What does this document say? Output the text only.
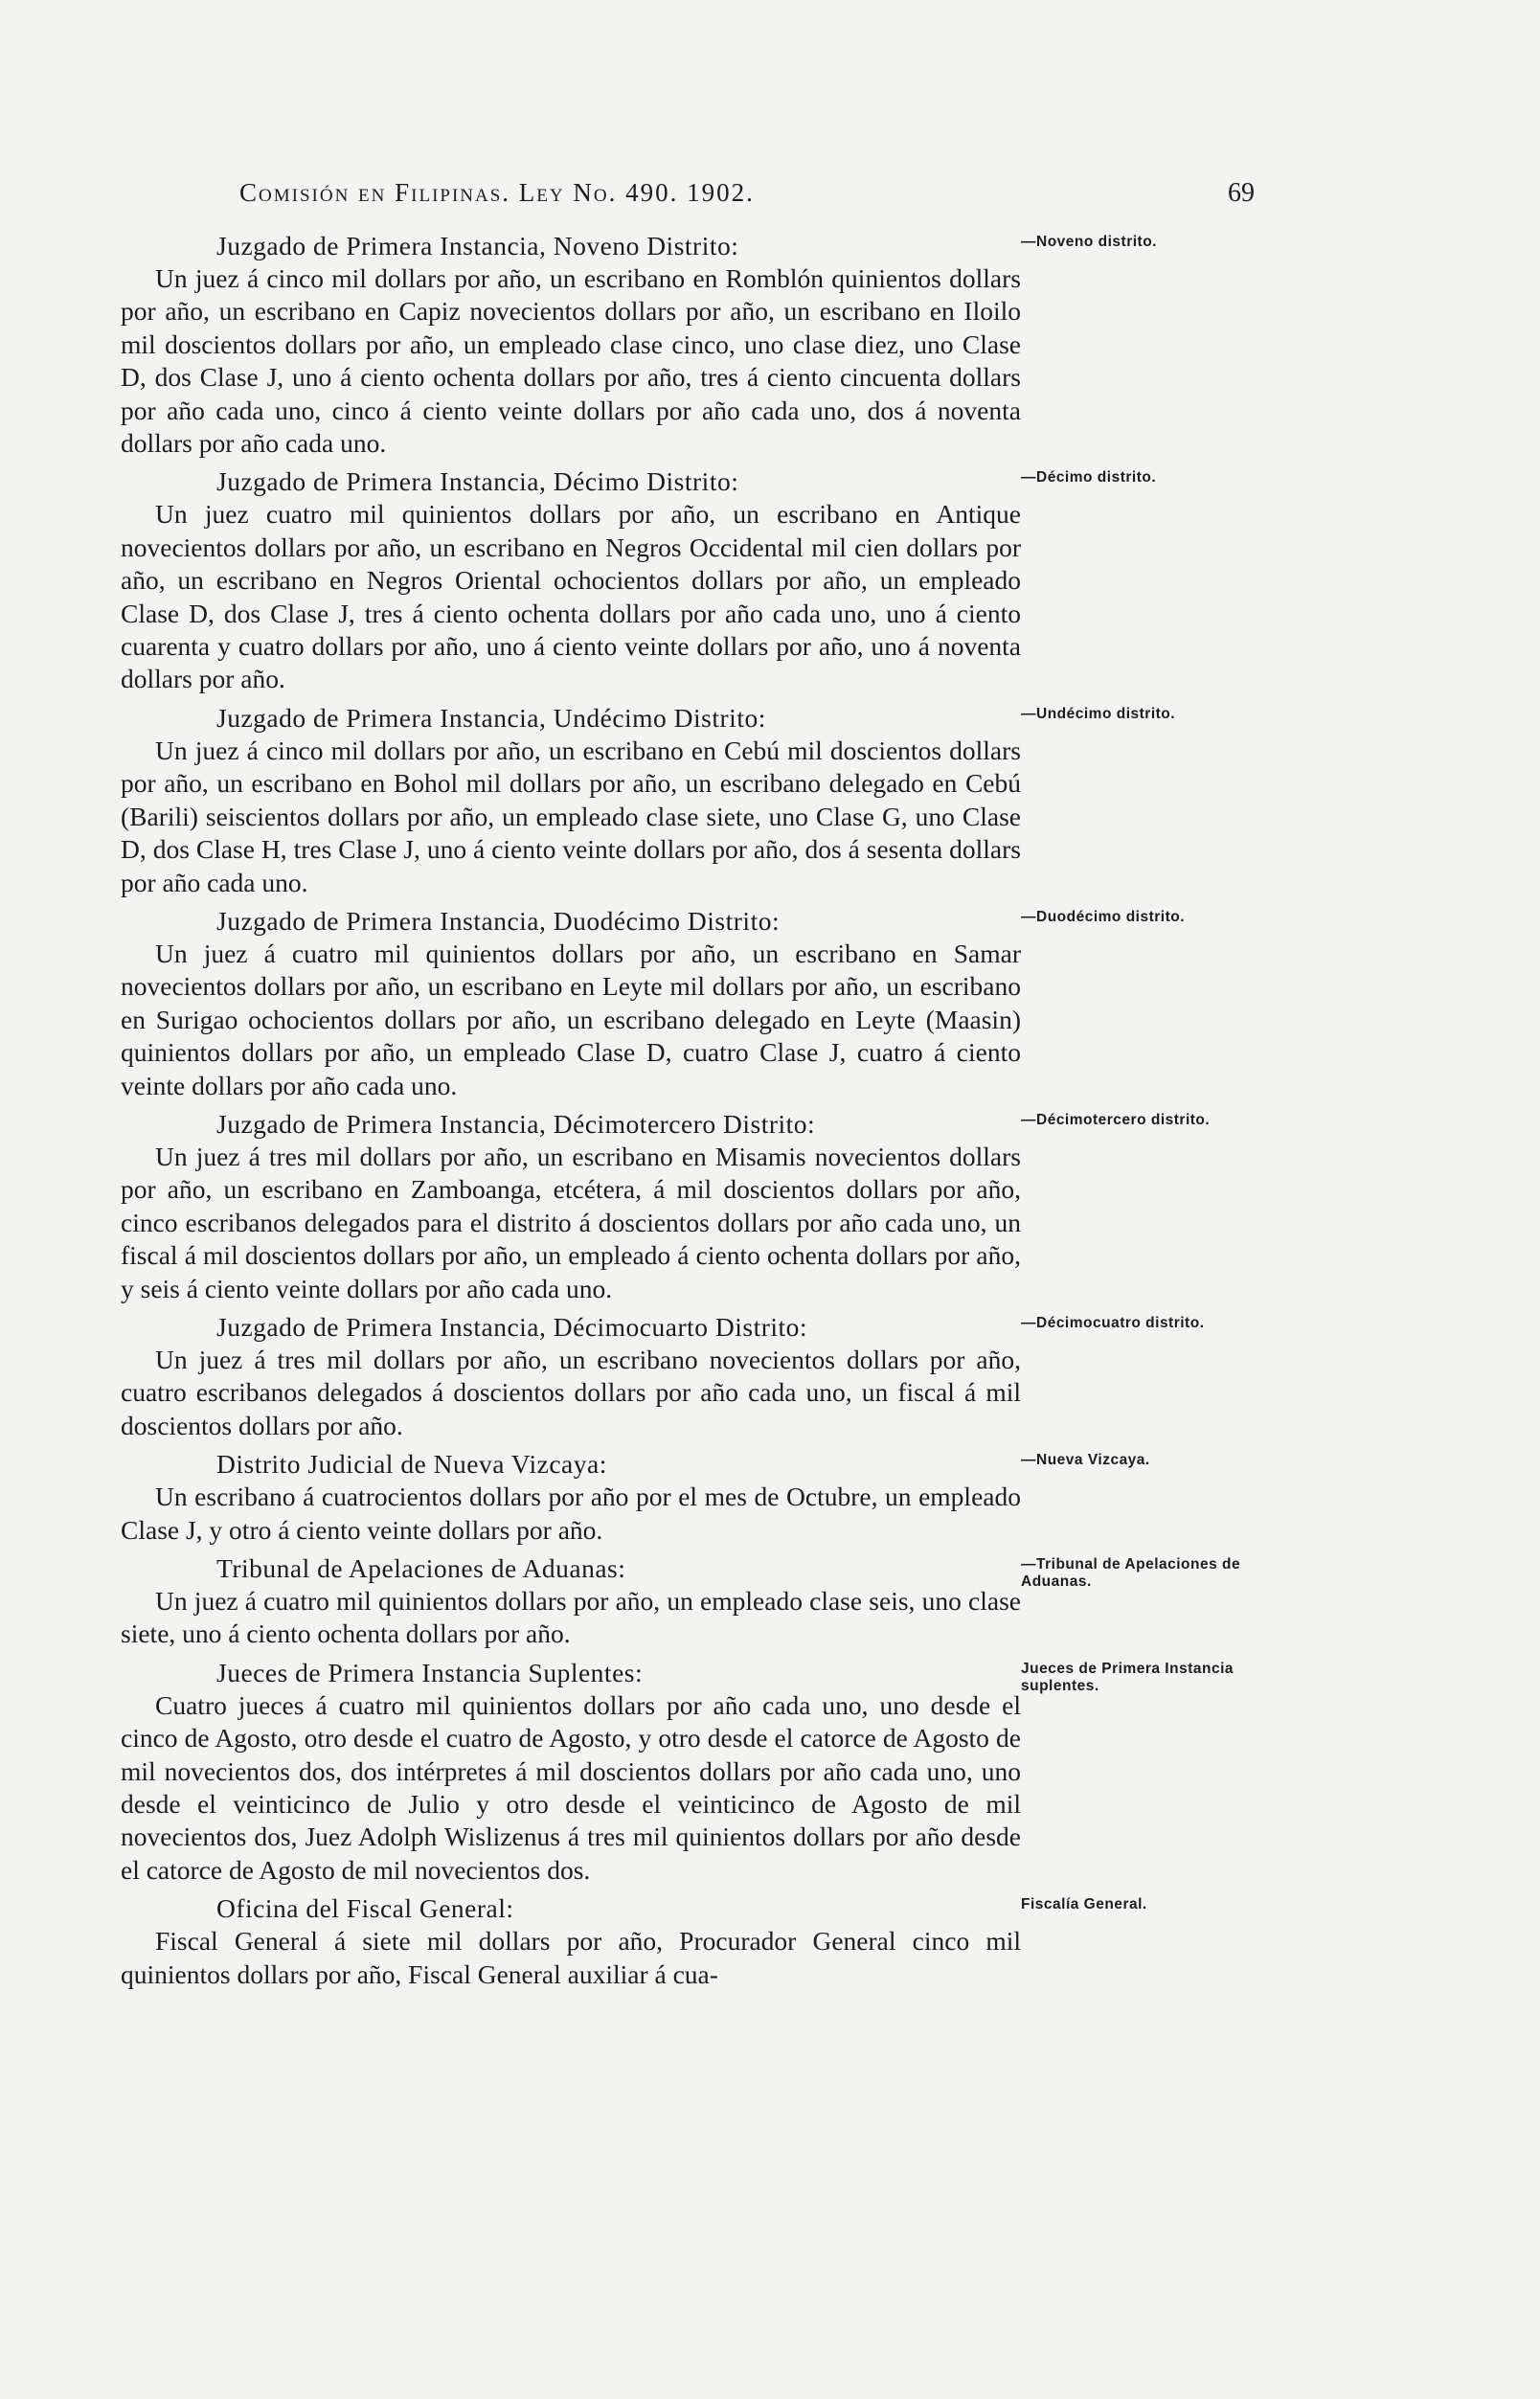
Comisión en Filipinas. Ley No. 490. 1902.	69
Juzgado de Primera Instancia, Noveno Distrito:	—Noveno distrito.

Un juez á cinco mil dollars por año, un escribano en Romblón quinientos dollars por año, un escribano en Capiz novecientos dollars por año, un escribano en Iloilo mil doscientos dollars por año, un empleado clase cinco, uno clase diez, uno Clase D, dos Clase J, uno á ciento ochenta dollars por año, tres á ciento cincuenta dollars por año cada uno, cinco á ciento veinte dollars por año cada uno, dos á noventa dollars por año cada uno.

Juzgado de Primera Instancia, Décimo Distrito:	—Décimo distrito.

Un juez cuatro mil quinientos dollars por año, un escribano en Antique novecientos dollars por año, un escribano en Negros Occidental mil cien dollars por año, un escribano en Negros Oriental ochocientos dollars por año, un empleado Clase D, dos Clase J, tres á ciento ochenta dollars por año cada uno, uno á ciento cuarenta y cuatro dollars por año, uno á ciento veinte dollars por año, uno á noventa dollars por año.

Juzgado de Primera Instancia, Undécimo Distrito:	—Undécimo distrito.

Un juez á cinco mil dollars por año, un escribano en Cebú mil doscientos dollars por año, un escribano en Bohol mil dollars por año, un escribano delegado en Cebú (Barili) seiscientos dollars por año, un empleado clase siete, uno Clase G, uno Clase D, dos Clase H, tres Clase J, uno á ciento veinte dollars por año, dos á sesenta dollars por año cada uno.

Juzgado de Primera Instancia, Duodécimo Distrito:	—Duodécimo distrito.

Un juez á cuatro mil quinientos dollars por año, un escribano en Samar novecientos dollars por año, un escribano en Leyte mil dollars por año, un escribano en Surigao ochocientos dollars por año, un escribano delegado en Leyte (Maasin) quinientos dollars por año, un empleado Clase D, cuatro Clase J, cuatro á ciento veinte dollars por año cada uno.

Juzgado de Primera Instancia, Décimotercero Distrito:	—Décimotercero distrito.

Un juez á tres mil dollars por año, un escribano en Misamis novecientos dollars por año, un escribano en Zamboanga, etcétera, á mil doscientos dollars por año, cinco escribanos delegados para el distrito á doscientos dollars por año cada uno, un fiscal á mil doscientos dollars por año, un empleado á ciento ochenta dollars por año, y seis á ciento veinte dollars por año cada uno.

Juzgado de Primera Instancia, Décimocuarto Distrito:	—Décimocuatro distrito.

Un juez á tres mil dollars por año, un escribano novecientos dollars por año, cuatro escribanos delegados á doscientos dollars por año cada uno, un fiscal á mil doscientos dollars por año.

Distrito Judicial de Nueva Vizcaya:	—Nueva Vizcaya.

Un escribano á cuatrocientos dollars por año por el mes de Octubre, un empleado Clase J, y otro á ciento veinte dollars por año.

Tribunal de Apelaciones de Aduanas:	—Tribunal de Apelaciones de Aduanas.

Un juez á cuatro mil quinientos dollars por año, un empleado clase seis, uno clase siete, uno á ciento ochenta dollars por año.

Jueces de Primera Instancia Suplentes:	Jueces de Primera Instancia suplentes.

Cuatro jueces á cuatro mil quinientos dollars por año cada uno, uno desde el cinco de Agosto, otro desde el cuatro de Agosto, y otro desde el catorce de Agosto de mil novecientos dos, dos intérpretes á mil doscientos dollars por año cada uno, uno desde el veinticinco de Julio y otro desde el veinticinco de Agosto de mil novecientos dos, Juez Adolph Wislizenus á tres mil quinientos dollars por año desde el catorce de Agosto de mil novecientos dos.

Oficina del Fiscal General:	Fiscalía General.

Fiscal General á siete mil dollars por año, Procurador General cinco mil quinientos dollars por año, Fiscal General auxiliar á cua-
